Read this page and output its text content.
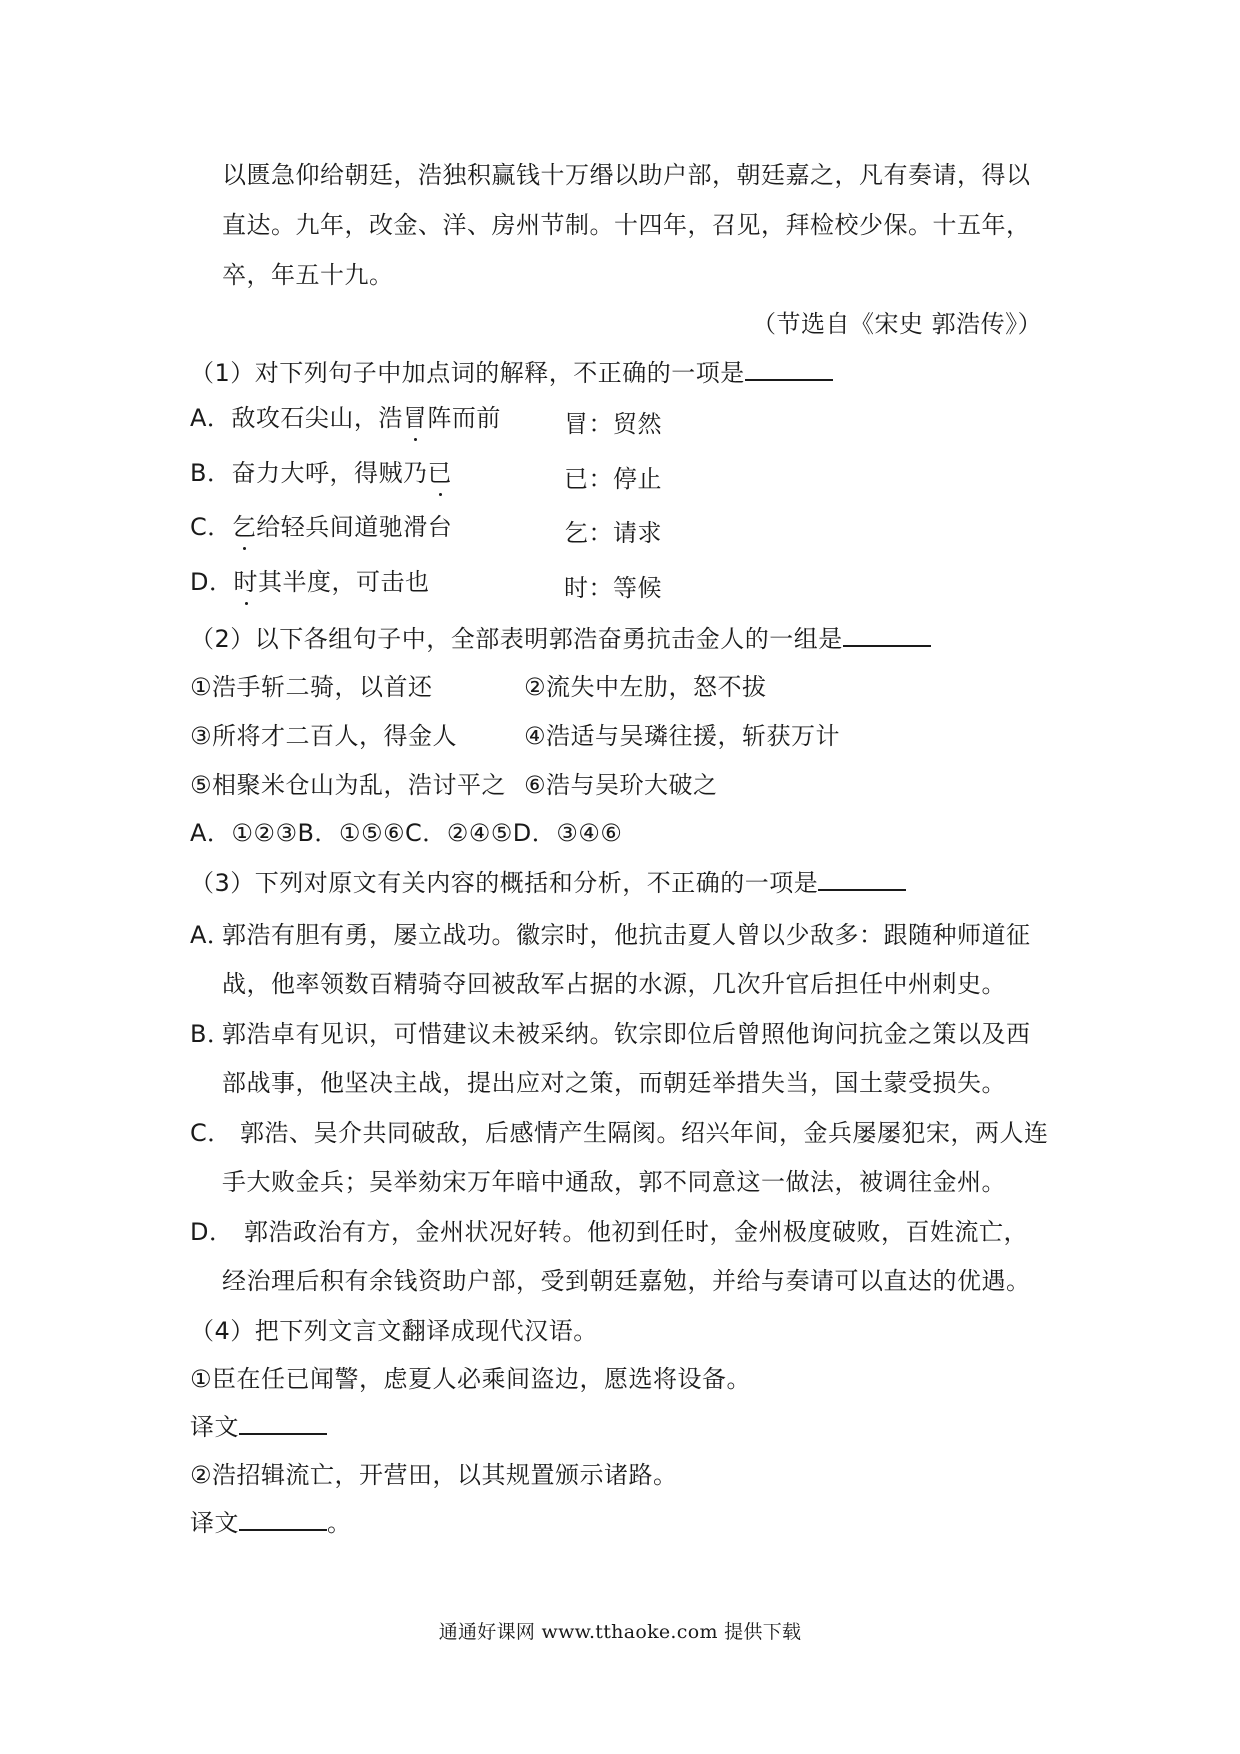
以匮急仰给朝廷，浩独积赢钱十万缗以助户部，朝廷嘉之，凡有奏请，得以
直达。九年，改金、洋、房州节制。十四年，召见，拜检校少保。十五年，
卒，年五十九。
（节选自《宋史 郭浩传》）
（1）对下列句子中加点词的解释，不正确的一项是
A．敌攻石尖山，浩冒阵而前	冒：贸然
B．奋力大呼，得贼乃已	已：停止
C．乞给轻兵间道驰滑台	乞：请求
D．时其半度，可击也	时：等候
（2）以下各组句子中，全部表明郭浩奋勇抗击金人的一组是
①浩手斩二骑，以首还	②流失中左肋，怒不拔
③所将才二百人，得金人	④浩适与吴璘往援，斩获万计
⑤相聚米仓山为乱，浩讨平之 ⑥浩与吴玠大破之
A．①②③B．①⑤⑥C．②④⑤D．③④⑥
（3）下列对原文有关内容的概括和分析，不正确的一项是
A．
郭浩有胆有勇，屡立战功。徽宗时，他抗击夏人曾以少敌多：跟随种师道征
战，他率领数百精骑夺回被敌军占据的水源，几次升官后担任中州刺史。
B．
郭浩卓有见识，可惜建议未被采纳。钦宗即位后曾照他询问抗金之策以及西
部战事，他坚决主战，提出应对之策，而朝廷举措失当，国土蒙受损失。
C． 郭浩、吴介共同破敌，后感情产生隔阂。绍兴年间，金兵屡屡犯宋，两人连
手大败金兵；吴举劾宋万年暗中通敌，郭不同意这一做法，被调往金州。
D． 郭浩政治有方，金州状况好转。他初到任时，金州极度破败，百姓流亡，
经治理后积有余钱资助户部，受到朝廷嘉勉，并给与奏请可以直达的优遇。
（4）把下列文言文翻译成现代汉语。
①臣在任已闻警，虑夏人必乘间盗边，愿选将设备。
译文
②浩招辑流亡，开营田，以其规置颁示诸路。
译文	。
通通好课网 www.tthaoke.com 提供下载
